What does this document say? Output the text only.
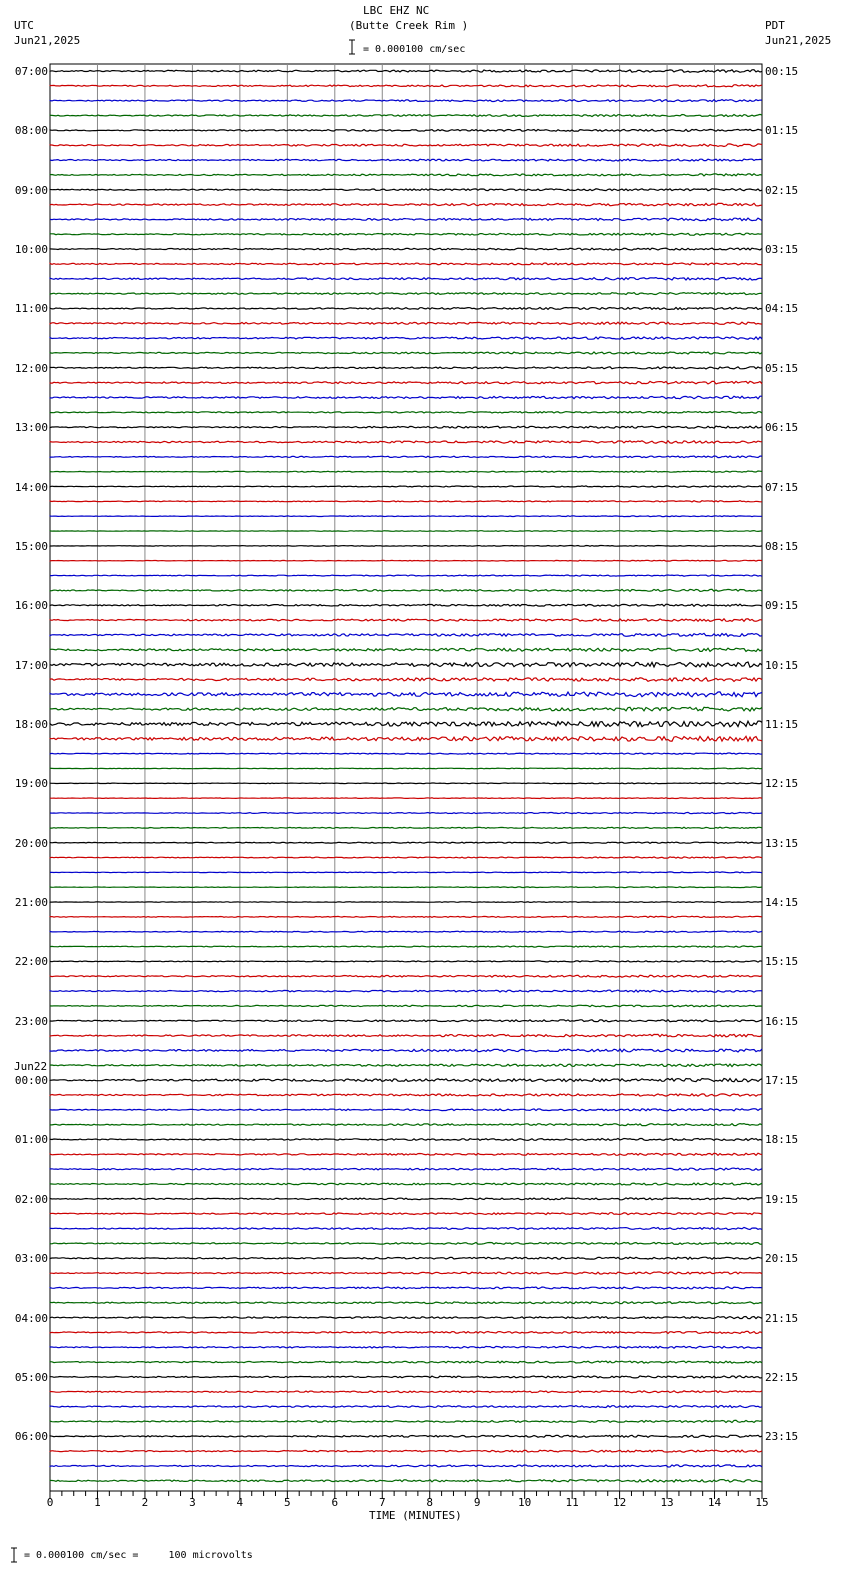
LBC EHZ NC
(Butte Creek Rim )
= 0.000100 cm/sec
UTC
Jun21,2025
PDT
Jun21,2025
0	1	2	3	4	5	6	7	8	9	10	11	12	13	14	15
07:00
08:00
09:00
10:00
11:00
12:00
13:00
14:00
15:00
16:00
17:00
18:00
19:00
20:00
21:00
22:00
23:00
00:00
01:00
02:00
03:00
04:00
05:00
06:00
00:15
01:15
02:15
03:15
04:15
05:15
06:15
07:15
08:15
09:15
10:15
11:15
12:15
13:15
14:15
15:15
16:15
17:15
18:15
19:15
20:15
21:15
22:15
23:15
Jun22
TIME (MINUTES)
= 0.000100 cm/sec =     100 microvolts
